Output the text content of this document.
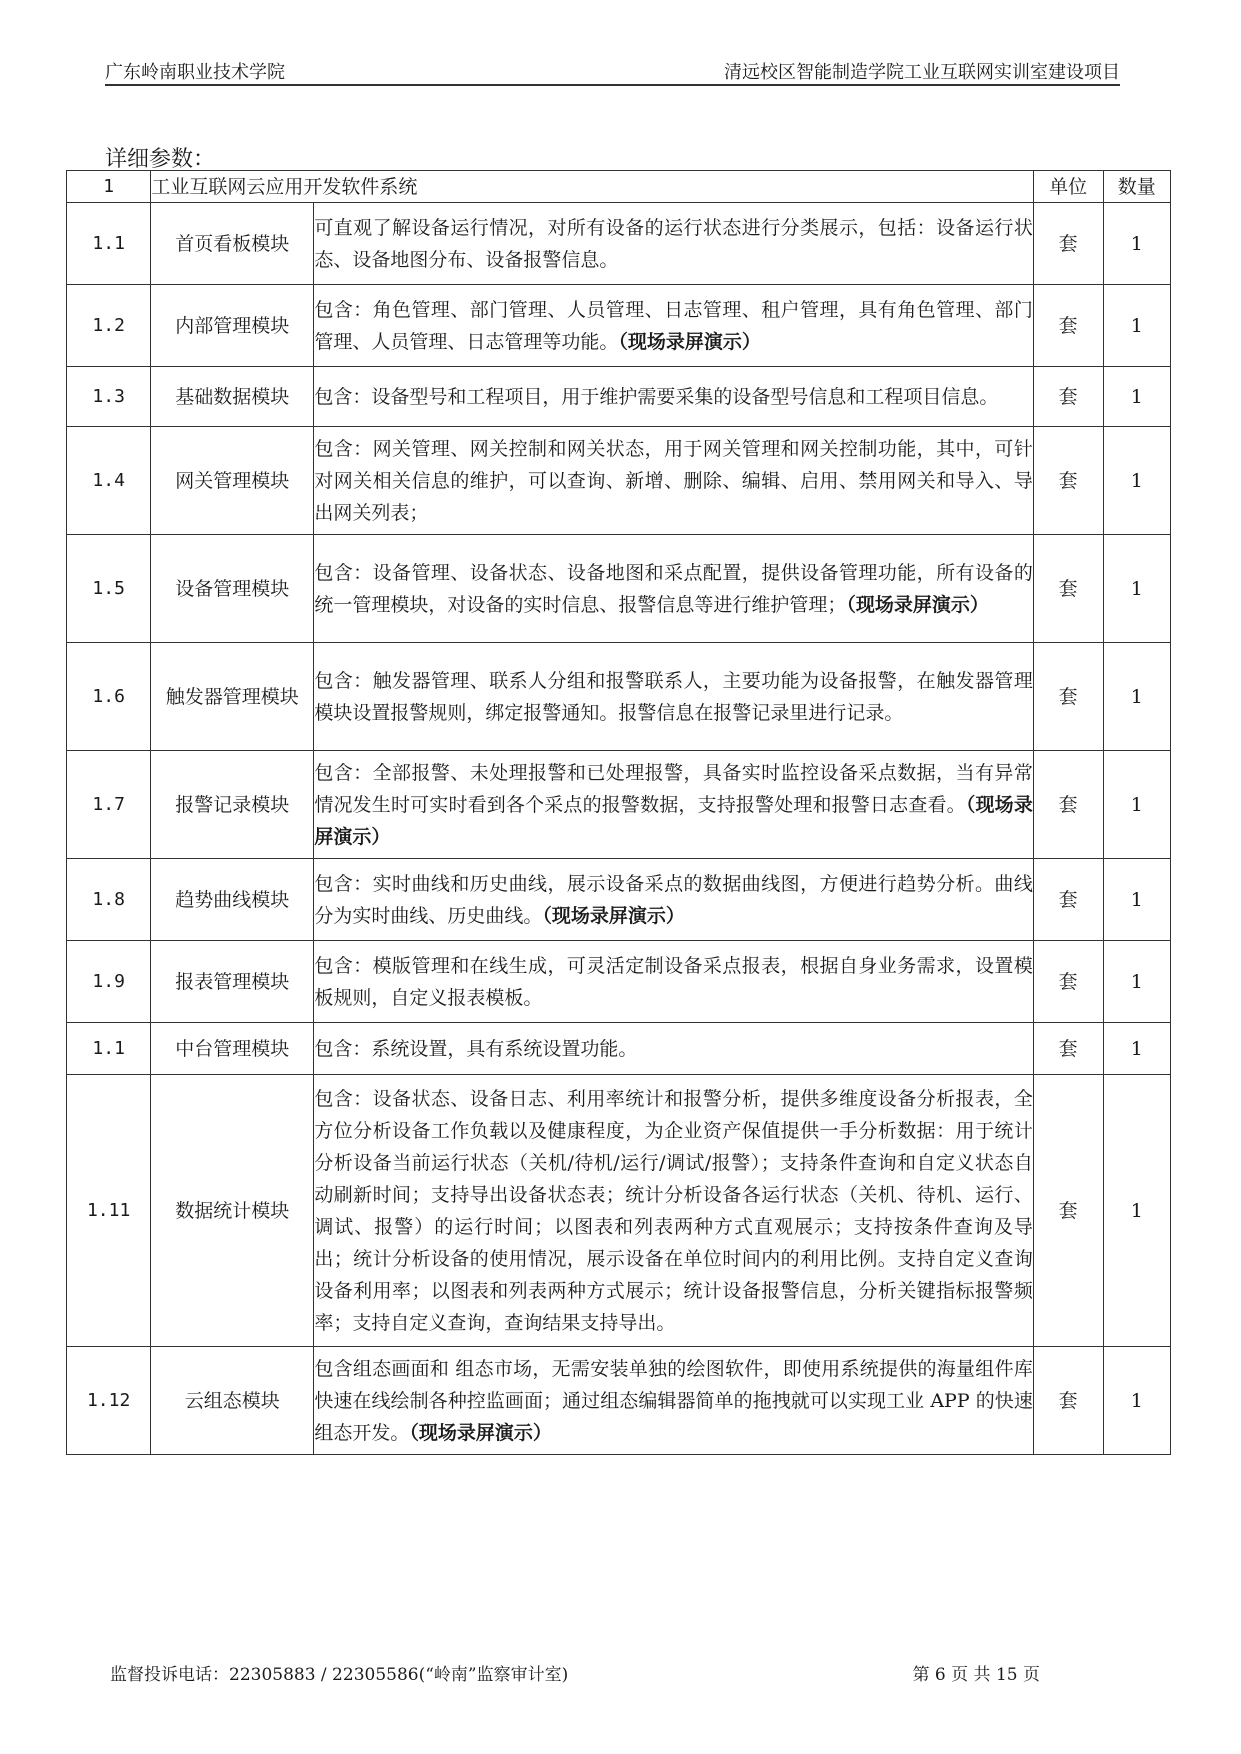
广东岭南职业技术学院	清远校区智能制造学院工业互联网实训室建设项目
详细参数：
1	工业互联网云应用开发软件系统		单位	数量
1.1	首页看板模块	可直观了解设备运行情况，对所有设备的运行状态进行分类展示，包括：设备运行状态、设备地图分布、设备报警信息。	套	1
1.2	内部管理模块	包含：角色管理、部门管理、人员管理、日志管理、租户管理，具有角色管理、部门管理、人员管理、日志管理等功能。（现场录屏演示）	套	1
1.3	基础数据模块	包含：设备型号和工程项目，用于维护需要采集的设备型号信息和工程项目信息。	套	1
1.4	网关管理模块	包含：网关管理、网关控制和网关状态，用于网关管理和网关控制功能，其中，可针对网关相关信息的维护，可以查询、新增、删除、编辑、启用、禁用网关和导入、导出网关列表；	套	1
1.5	设备管理模块	包含：设备管理、设备状态、设备地图和采点配置，提供设备管理功能，所有设备的统一管理模块，对设备的实时信息、报警信息等进行维护管理；（现场录屏演示）	套	1
1.6	触发器管理模块	包含：触发器管理、联系人分组和报警联系人，主要功能为设备报警，在触发器管理模块设置报警规则，绑定报警通知。报警信息在报警记录里进行记录。	套	1
1.7	报警记录模块	包含：全部报警、未处理报警和已处理报警，具备实时监控设备采点数据，当有异常情况发生时可实时看到各个采点的报警数据，支持报警处理和报警日志查看。（现场录屏演示）	套	1
1.8	趋势曲线模块	包含：实时曲线和历史曲线，展示设备采点的数据曲线图，方便进行趋势分析。曲线分为实时曲线、历史曲线。（现场录屏演示）	套	1
1.9	报表管理模块	包含：模版管理和在线生成，可灵活定制设备采点报表，根据自身业务需求，设置模板规则，自定义报表模板。	套	1
1.1	中台管理模块	包含：系统设置，具有系统设置功能。	套	1
1.11	数据统计模块	包含：设备状态、设备日志、利用率统计和报警分析，提供多维度设备分析报表，全方位分析设备工作负载以及健康程度，为企业资产保值提供一手分析数据：用于统计分析设备当前运行状态（关机/待机/运行/调试/报警）；支持条件查询和自定义状态自动刷新时间；支持导出设备状态表；统计分析设备各运行状态（关机、待机、运行、调试、报警）的运行时间；以图表和列表两种方式直观展示；支持按条件查询及导出；统计分析设备的使用情况，展示设备在单位时间内的利用比例。支持自定义查询设备利用率；以图表和列表两种方式展示；统计设备报警信息，分析关键指标报警频率；支持自定义查询，查询结果支持导出。	套	1
1.12	云组态模块	包含组态画面和 组态市场，无需安装单独的绘图软件，即使用系统提供的海量组件库快速在线绘制各种控监画面；通过组态编辑器简单的拖拽就可以实现工业 APP 的快速组态开发。（现场录屏演示）	套	1
监督投诉电话：22305883 / 22305586(“岭南”监察审计室)	第 6 页 共 15 页
